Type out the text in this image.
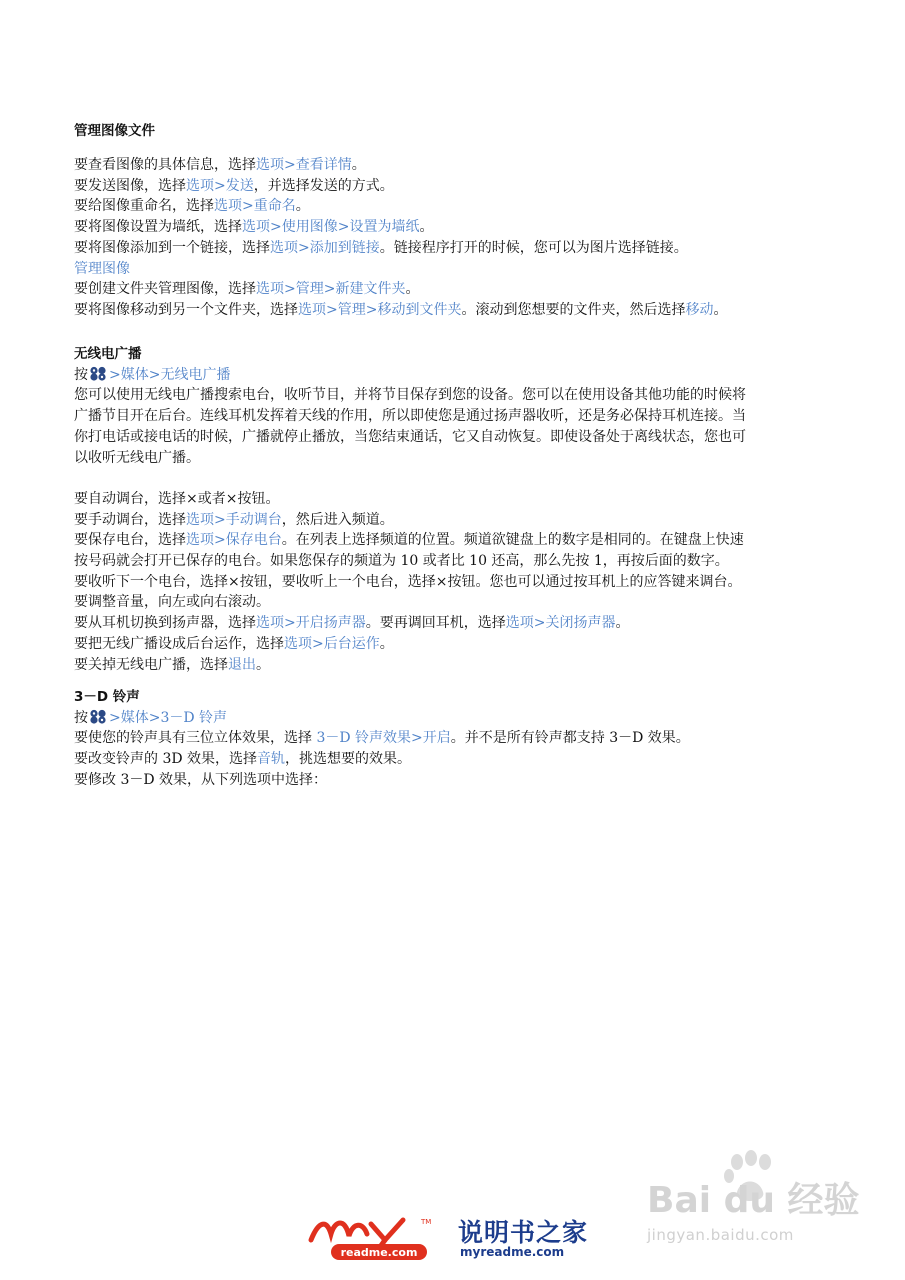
管理图像文件
要查看图像的具体信息，选择选项>查看详情。
要发送图像，选择选项>发送，并选择发送的方式。
要给图像重命名，选择选项>重命名。
要将图像设置为墙纸，选择选项>使用图像>设置为墙纸。
要将图像添加到一个链接，选择选项>添加到链接。链接程序打开的时候，您可以为图片选择链接。
管理图像
要创建文件夹管理图像，选择选项>管理>新建文件夹。
要将图像移动到另一个文件夹，选择选项>管理>移动到文件夹。滚动到您想要的文件夹，然后选择移动。
无线电广播
按 >媒体>无线电广播
您可以使用无线电广播搜索电台，收听节目，并将节目保存到您的设备。您可以在使用设备其他功能的时候将
广播节目开在后台。连线耳机发挥着天线的作用，所以即使您是通过扬声器收听，还是务必保持耳机连接。当
你打电话或接电话的时候，广播就停止播放，当您结束通话，它又自动恢复。即使设备处于离线状态，您也可
以收听无线电广播。
要自动调台，选择×或者×按钮。
要手动调台，选择选项>手动调台，然后进入频道。
要保存电台，选择选项>保存电台。在列表上选择频道的位置。频道欲键盘上的数字是相同的。在键盘上快速
按号码就会打开已保存的电台。如果您保存的频道为 10 或者比 10 还高，那么先按 1，再按后面的数字。
要收听下一个电台，选择×按钮，要收听上一个电台，选择×按钮。您也可以通过按耳机上的应答键来调台。
要调整音量，向左或向右滚动。
要从耳机切换到扬声器，选择选项>开启扬声器。要再调回耳机，选择选项>关闭扬声器。
要把无线广播设成后台运作，选择选项>后台运作。
要关掉无线电广播，选择退出。
3－D 铃声
按 >媒体>3－D 铃声
要使您的铃声具有三位立体效果，选择 3－D 铃声效果>开启。并不是所有铃声都支持 3－D 效果。
要改变铃声的 3D 效果，选择音轨，挑选想要的效果。
要修改 3－D 效果，从下列选项中选择：
readme.com
TM 说明书之家
myreadme.com
Bai du 经验
jingyan.baidu.com
